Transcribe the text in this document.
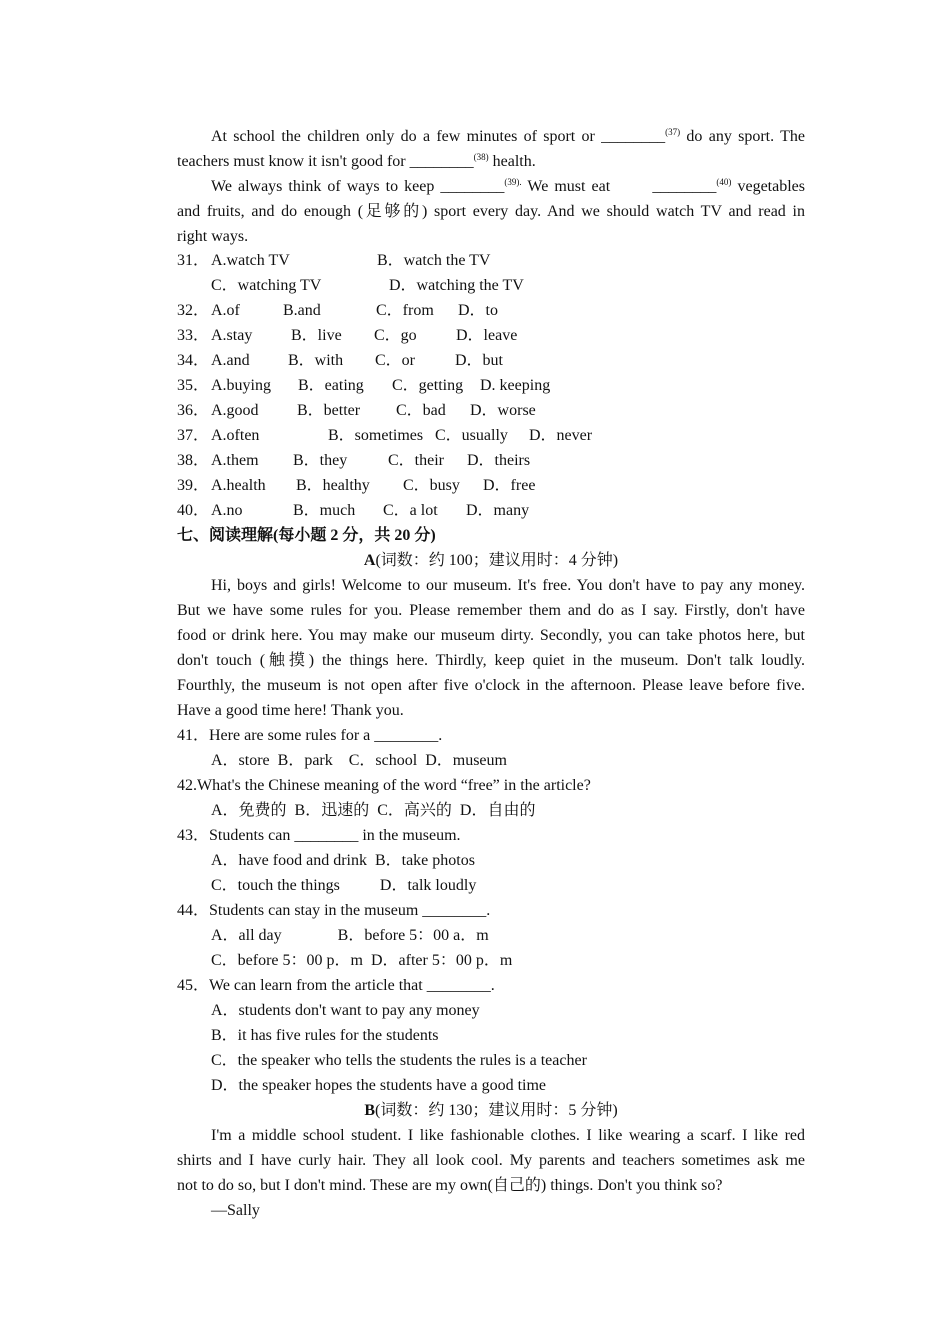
At school the children only do a few minutes of sport or ________$^{(37)}$ do any sport. The
teachers must know it isn't good for ________$^{(38)}$ health.
We always think of ways to keep ________$^{(39).}$ We must eat       ________$^{(40)}$ vegetables
and fruits, and do enough (足够的) sport every day. And we should watch TV and read in
right ways.
31． A.watch TV	B．watch the TV
C．watching TV	D．watching the TV
32． A.of	B.and	C．from D．to
33． A.stay B．live C．go D．leave
34． A.and B．with C．or D．but
35． A.buying B．eating C．getting D. keeping
36． A.good B．better C．bad D．worse
37． A.often	B．sometimes C．usually D．never
38． A.them B．they	C．their D．theirs
39． A.health B．healthy C．busy D．free
40． A.no	B．much C．a lot D．many
七、阅读理解(每小题 2 分，共 20 分)
A(词数：约 100；建议用时：4 分钟)
Hi, boys and girls! Welcome to our museum. It's free. You don't have to pay any money.
But we have some rules for you. Please remember them and do as I say. Firstly, don't have
food or drink here. You may make our museum dirty. Secondly, you can take photos here, but
don't touch (触摸) the things here. Thirdly, keep quiet in the museum. Don't talk loudly.
Fourthly, the museum is not open after five o'clock in the afternoon. Please leave before five.
Have a good time here! Thank you.
41．Here are some rules for a ________.
A．store  B．park    C．school  D．museum
42.What's the Chinese meaning of the word “free” in the article?
A．免费的  B．迅速的  C．高兴的  D．自由的
43．Students can ________ in the museum.
A．have food and drink  B．take photos
C．touch the things          D．talk loudly
44．Students can stay in the museum ________.
A．all day              B．before 5：00 a．m
C．before 5：00 p．m  D．after 5：00 p．m
45．We can learn from the article that ________.
A．students don't want to pay any money
B．it has five rules for the students
C．the speaker who tells the students the rules is a teacher
D．the speaker hopes the students have a good time
B(词数：约 130；建议用时：5 分钟)
I'm a middle school student. I like fashionable clothes. I like wearing a scarf. I like red
shirts and I have curly hair. They all look cool. My parents and teachers sometimes ask me
not to do so, but I don't mind. These are my own(自己的) things. Don't you think so?
—Sally
